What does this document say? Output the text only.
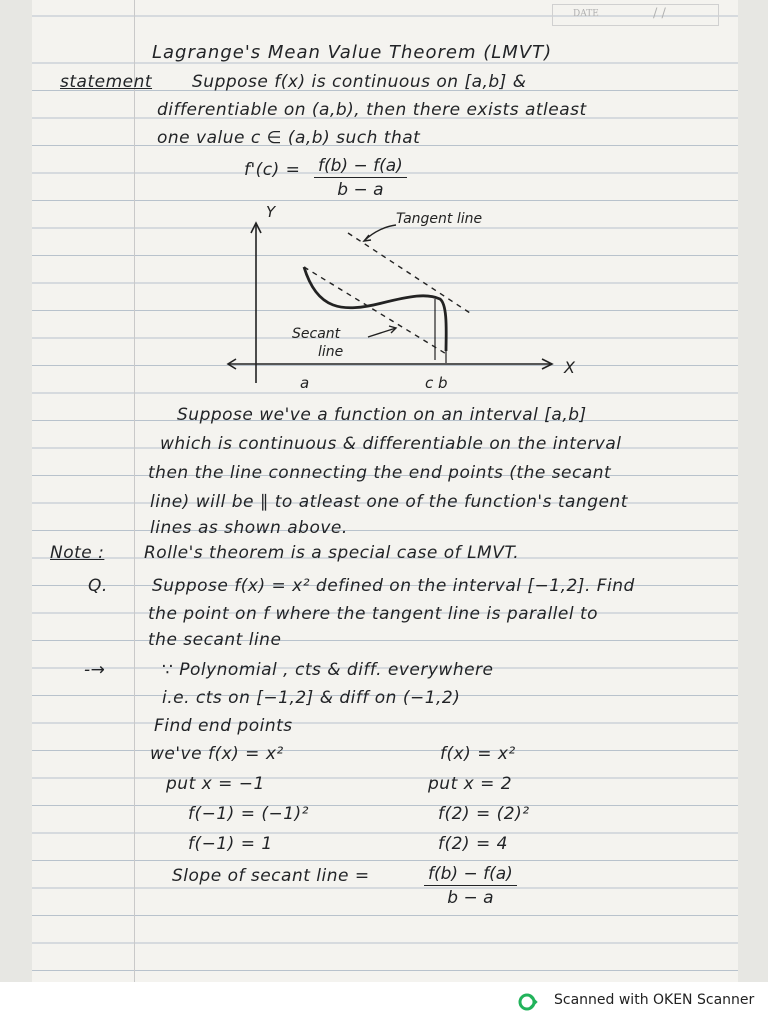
DATE	/ /
Lagrange's Mean Value Theorem (LMVT)
statement Suppose f(x) is continuous on [a,b] &
differentiable on (a,b), then there exists atleast
one value c ∈ (a,b) such that
$f'(c) = \frac{f(b) - f(a)}{b - a}$
Y
X
Tangent line
Secant
line
a	c b
Suppose we've a function on an interval [a,b]
which is continuous & differentiable on the interval
then the line connecting the end points (the secant
line) will be ∥ to atleast one of the function's tangent
lines as shown above.
Note : Rolle's theorem is a special case of LMVT.
Q.	Suppose f(x) = x² defined on the interval [−1,2]. Find
the point on f where the tangent line is parallel to
the secant line
-→	∵ Polynomial , cts & diff. everywhere
i.e. cts on [−1,2] & diff on (−1,2)
Find end points
we've f(x) = x²
put x = −1
f(−1) = (−1)²
f(−1) = 1
f(x) = x²
put x = 2
f(2) = (2)²
f(2) = 4
Slope of secant line =	$\frac{f(b) - f(a)}{b - a}$
Scanned with OKEN Scanner
